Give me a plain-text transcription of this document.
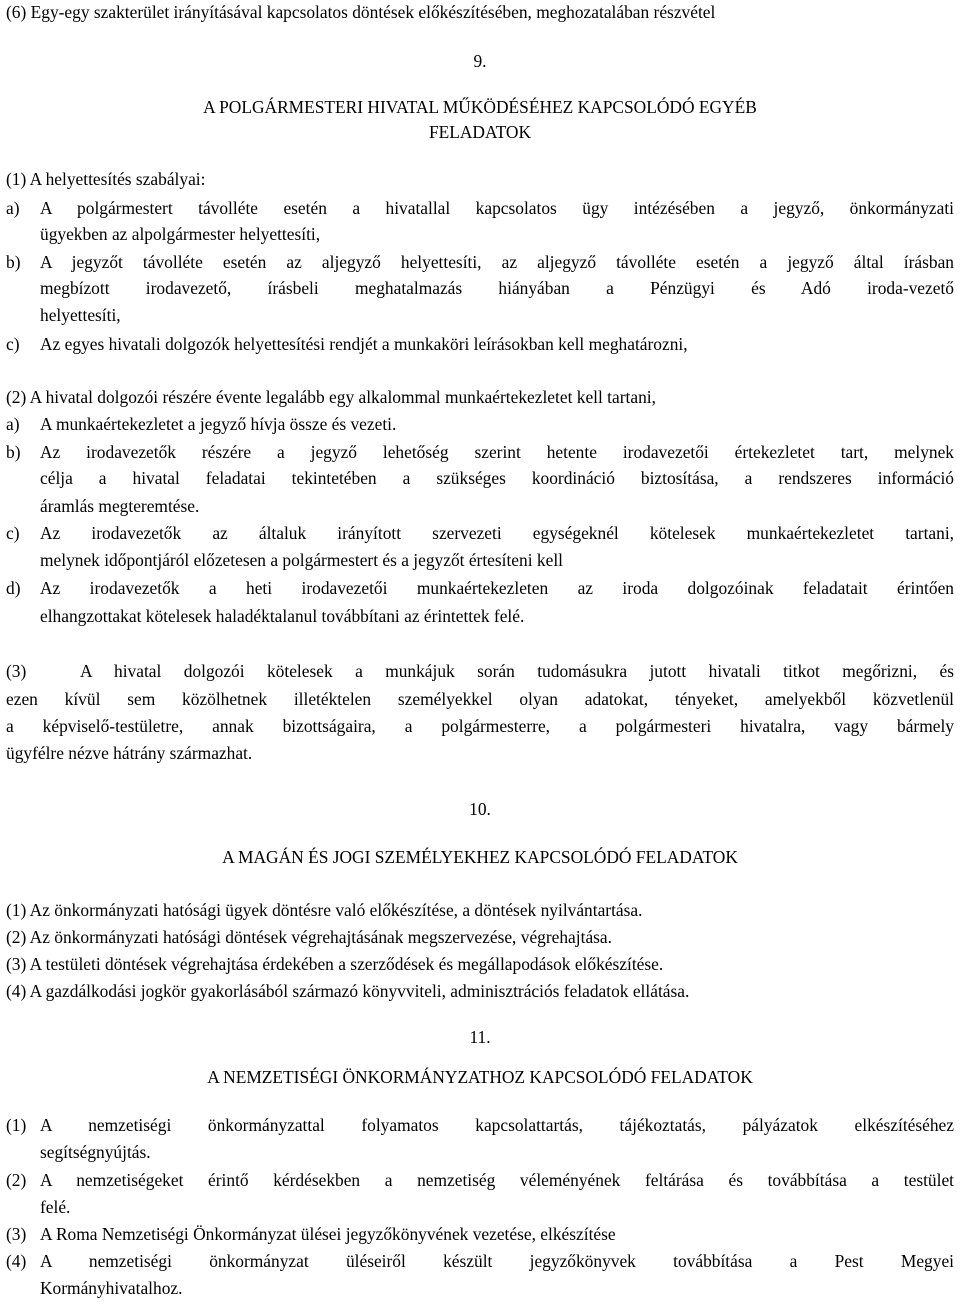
(6) Egy-egy szakterület irányításával kapcsolatos döntések előkészítésében, meghozatalában részvétel
9.
A POLGÁRMESTERI HIVATAL MŰKÖDÉSÉHEZ KAPCSOLÓDÓ EGYÉB
FELADATOK
(1) A helyettesítés szabályai:
a) A polgármestert távolléte esetén a hivatallal kapcsolatos ügy intézésében a jegyző, önkormányzati
ügyekben az alpolgármester helyettesíti,
b) A jegyzőt távolléte esetén az aljegyző helyettesíti, az aljegyző távolléte esetén a jegyző által írásban
megbízott irodavezető, írásbeli meghatalmazás hiányában a Pénzügyi és Adó iroda-vezető
helyettesíti,
c) Az egyes hivatali dolgozók helyettesítési rendjét a munkaköri leírásokban kell meghatározni,
(2) A hivatal dolgozói részére évente legalább egy alkalommal munkaértekezletet kell tartani,
a) A munkaértekezletet a jegyző hívja össze és vezeti.
b) Az irodavezetők részére a jegyző lehetőség szerint hetente irodavezetői értekezletet tart, melynek
célja a hivatal feladatai tekintetében a szükséges koordináció biztosítása, a rendszeres információ
áramlás megteremtése.
c) Az irodavezetők az általuk irányított szervezeti egységeknél kötelesek munkaértekezletet tartani,
melynek időpontjáról előzetesen a polgármestert és a jegyzőt értesíteni kell
d) Az irodavezetők a heti irodavezetői munkaértekezleten az iroda dolgozóinak feladatait érintően
elhangzottakat kötelesek haladéktalanul továbbítani az érintettek felé.
(3)	A hivatal dolgozói kötelesek a munkájuk során tudomásukra jutott hivatali titkot megőrizni, és
ezen kívül sem közölhetnek illetéktelen személyekkel olyan adatokat, tényeket, amelyekből közvetlenül
a képviselő-testületre, annak bizottságaira, a polgármesterre, a polgármesteri hivatalra, vagy bármely
ügyfélre nézve hátrány származhat.
10.
A MAGÁN ÉS JOGI SZEMÉLYEKHEZ KAPCSOLÓDÓ FELADATOK
(1) Az önkormányzati hatósági ügyek döntésre való előkészítése, a döntések nyilvántartása.
(2) Az önkormányzati hatósági döntések végrehajtásának megszervezése, végrehajtása.
(3) A testületi döntések végrehajtása érdekében a szerződések és megállapodások előkészítése.
(4) A gazdálkodási jogkör gyakorlásából származó könyvviteli, adminisztrációs feladatok ellátása.
11.
A NEMZETISÉGI ÖNKORMÁNYZATHOZ KAPCSOLÓDÓ FELADATOK
(1) A nemzetiségi önkormányzattal folyamatos kapcsolattartás, tájékoztatás, pályázatok elkészítéséhez
segítségnyújtás.
(2) A nemzetiségeket érintő kérdésekben a nemzetiség véleményének feltárása és továbbítása a testület
felé.
(3) A Roma Nemzetiségi Önkormányzat ülései jegyzőkönyvének vezetése, elkészítése
(4) A nemzetiségi önkormányzat üléseiről készült jegyzőkönyvek továbbítása a Pest Megyei
Kormányhivatalhoz.
